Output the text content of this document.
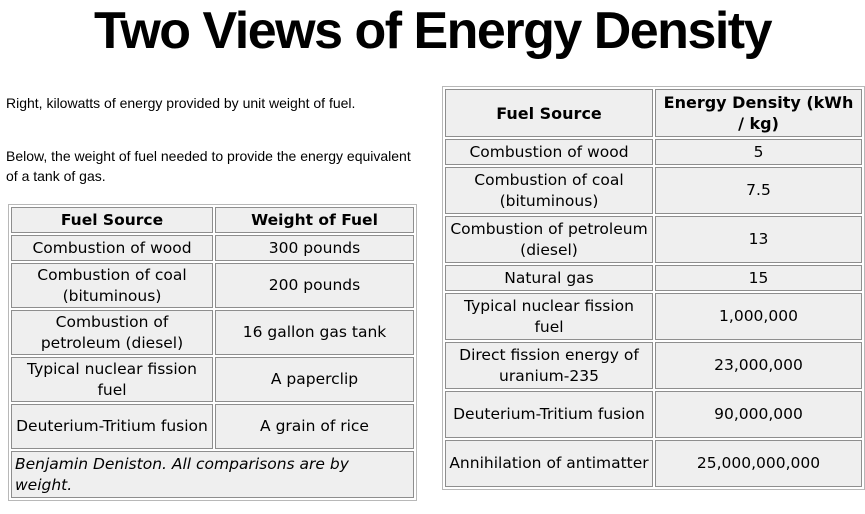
Two Views of Energy Density

Right, kilowatts of energy provided by unit weight of fuel.

Below, the weight of fuel needed to provide the energy equivalent of a tank of gas.

Fuel Source	Weight of Fuel
Combustion of wood	300 pounds
Combustion of coal (bituminous)	200 pounds
Combustion of petroleum (diesel)	16 gallon gas tank
Typical nuclear fission fuel	A paperclip
Deuterium-Tritium fusion	A grain of rice
Benjamin Deniston. All comparisons are by weight.	
Fuel Source	Energy Density (kWh / kg)
Combustion of wood	5
Combustion of coal (bituminous)	7.5
Combustion of petroleum (diesel)	13
Natural gas	15
Typical nuclear fission fuel	1,000,000
Direct fission energy of uranium-235	23,000,000
Deuterium-Tritium fusion	90,000,000
Annihilation of antimatter	25,000,000,000
